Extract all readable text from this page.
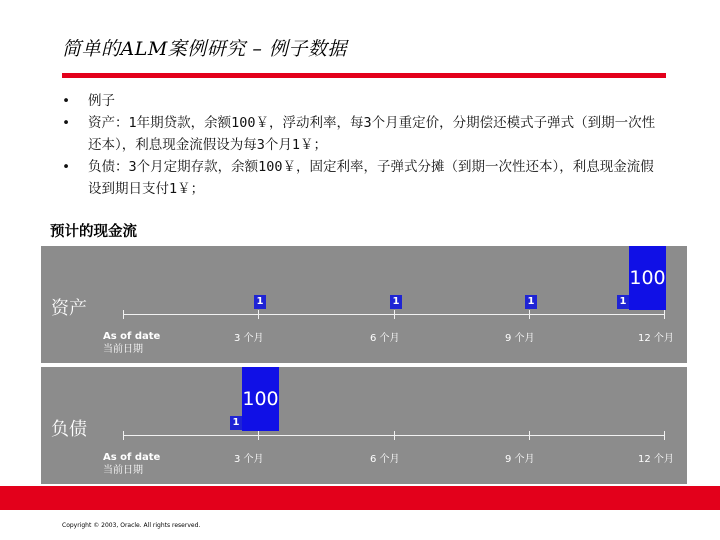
简单的ALM案例研究 – 例子数据
• 例子
• 资产：1年期贷款，余额100￥，浮动利率，每3个月重定价，分期偿还模式子弹式（到期一次性还本），利息现金流假设为每3个月1￥；
• 负债：3个月定期存款，余额100￥，固定利率，子弹式分摊（到期一次性还本），利息现金流假设到期日支付1￥；
预计的现金流
资产
As of date
当前日期
3 个月	6 个月	9 个月	12 个月
1	1	1	1
100
负债
As of date
当前日期
3 个月	6 个月	9 个月	12 个月
1
100
Copyright © 2003, Oracle. All rights reserved.
